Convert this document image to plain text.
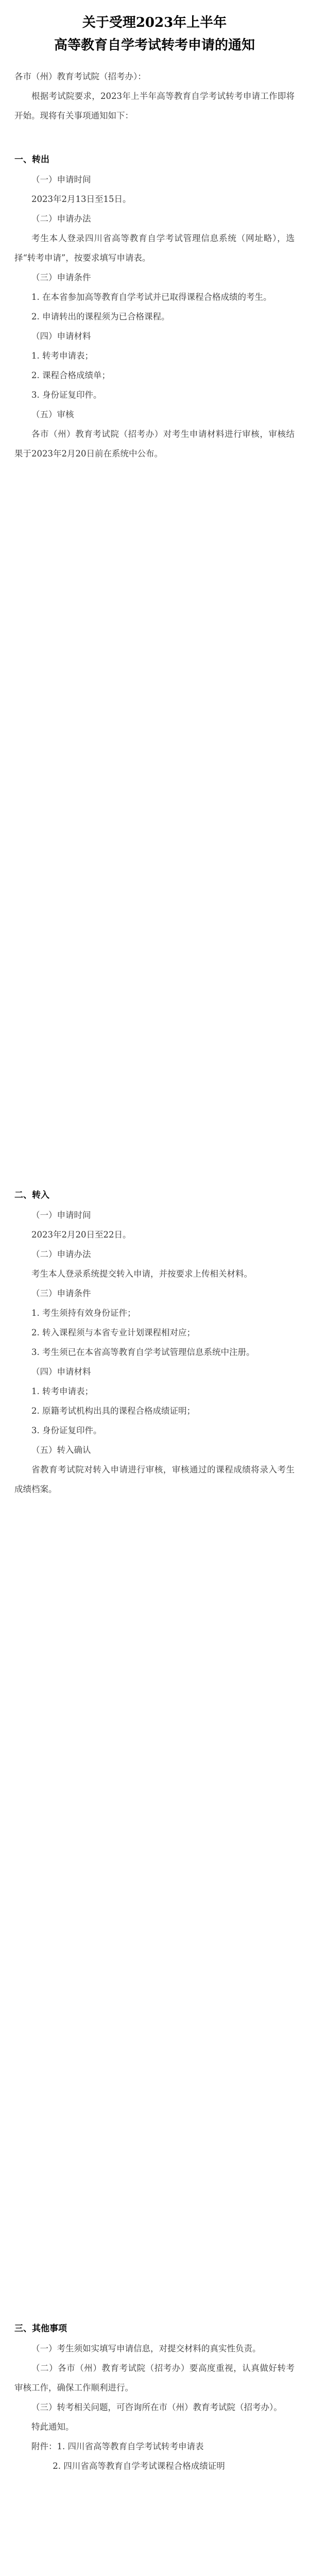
关于受理2023年上半年
高等教育自学考试转考申请的通知

各市（州）教育考试院（招考办）：

根据考试院要求，2023年上半年高等教育自学考试转考申请工作即将开始。现将有关事项通知如下：

一、转出

（一）申请时间

2023年2月13日至15日。

（二）申请办法

考生本人登录四川省高等教育自学考试管理信息系统（网址略），选择“转考申请”，按要求填写申请表。

（三）申请条件

1. 在本省参加高等教育自学考试并已取得课程合格成绩的考生。

2. 申请转出的课程须为已合格课程。

（四）申请材料

1. 转考申请表；

2. 课程合格成绩单；

3. 身份证复印件。

（五）审核

各市（州）教育考试院（招考办）对考生申请材料进行审核，审核结果于2023年2月20日前在系统中公布。

二、转入

（一）申请时间

2023年2月20日至22日。

（二）申请办法

考生本人登录系统提交转入申请，并按要求上传相关材料。

（三）申请条件

1. 考生须持有效身份证件；

2. 转入课程须与本省专业计划课程相对应；

3. 考生须已在本省高等教育自学考试管理信息系统中注册。

（四）申请材料

1. 转考申请表；

2. 原籍考试机构出具的课程合格成绩证明；

3. 身份证复印件。

（五）转入确认

省教育考试院对转入申请进行审核，审核通过的课程成绩将录入考生成绩档案。

三、其他事项

（一）考生须如实填写申请信息，对提交材料的真实性负责。

（二）各市（州）教育考试院（招考办）要高度重视，认真做好转考审核工作，确保工作顺利进行。

（三）转考相关问题，可咨询所在市（州）教育考试院（招考办）。

特此通知。

附件：1. 四川省高等教育自学考试转考申请表

2. 四川省高等教育自学考试课程合格成绩证明
